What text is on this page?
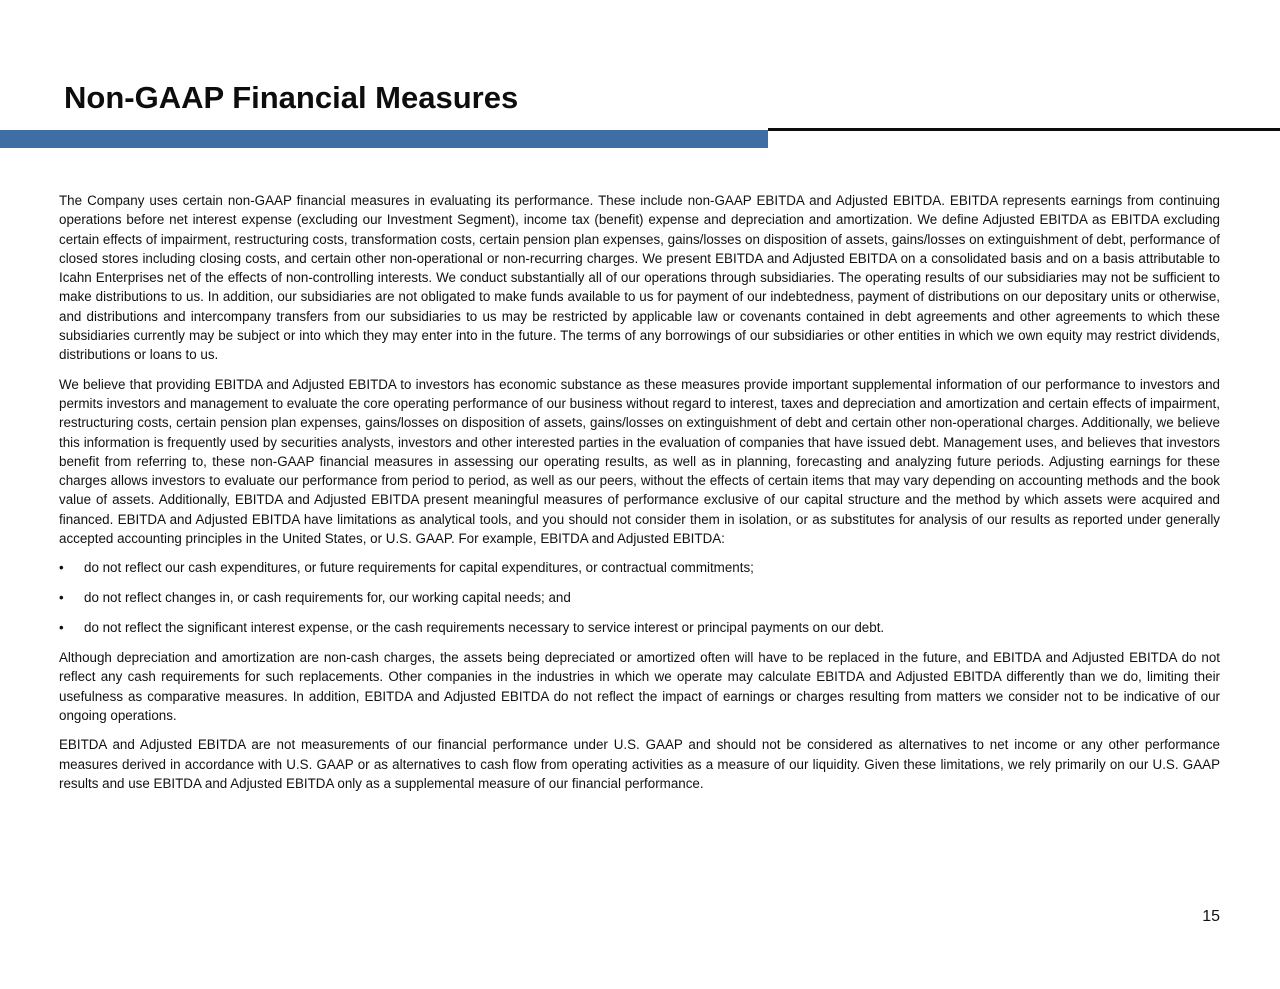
Non-GAAP Financial Measures

The Company uses certain non-GAAP financial measures in evaluating its performance. These include non-GAAP EBITDA and Adjusted EBITDA. EBITDA represents earnings from continuing operations before net interest expense (excluding our Investment Segment), income tax (benefit) expense and depreciation and amortization. We define Adjusted EBITDA as EBITDA excluding certain effects of impairment, restructuring costs, transformation costs, certain pension plan expenses, gains/losses on disposition of assets, gains/losses on extinguishment of debt, performance of closed stores including closing costs, and certain other non-operational or non-recurring charges. We present EBITDA and Adjusted EBITDA on a consolidated basis and on a basis attributable to Icahn Enterprises net of the effects of non-controlling interests. We conduct substantially all of our operations through subsidiaries. The operating results of our subsidiaries may not be sufficient to make distributions to us. In addition, our subsidiaries are not obligated to make funds available to us for payment of our indebtedness, payment of distributions on our depositary units or otherwise, and distributions and intercompany transfers from our subsidiaries to us may be restricted by applicable law or covenants contained in debt agreements and other agreements to which these subsidiaries currently may be subject or into which they may enter into in the future. The terms of any borrowings of our subsidiaries or other entities in which we own equity may restrict dividends, distributions or loans to us.

We believe that providing EBITDA and Adjusted EBITDA to investors has economic substance as these measures provide important supplemental information of our performance to investors and permits investors and management to evaluate the core operating performance of our business without regard to interest, taxes and depreciation and amortization and certain effects of impairment, restructuring costs, certain pension plan expenses, gains/losses on disposition of assets, gains/losses on extinguishment of debt and certain other non-operational charges. Additionally, we believe this information is frequently used by securities analysts, investors and other interested parties in the evaluation of companies that have issued debt. Management uses, and believes that investors benefit from referring to, these non-GAAP financial measures in assessing our operating results, as well as in planning, forecasting and analyzing future periods. Adjusting earnings for these charges allows investors to evaluate our performance from period to period, as well as our peers, without the effects of certain items that may vary depending on accounting methods and the book value of assets. Additionally, EBITDA and Adjusted EBITDA present meaningful measures of performance exclusive of our capital structure and the method by which assets were acquired and financed. EBITDA and Adjusted EBITDA have limitations as analytical tools, and you should not consider them in isolation, or as substitutes for analysis of our results as reported under generally accepted accounting principles in the United States, or U.S. GAAP. For example, EBITDA and Adjusted EBITDA:

• do not reflect our cash expenditures, or future requirements for capital expenditures, or contractual commitments;
• do not reflect changes in, or cash requirements for, our working capital needs; and
• do not reflect the significant interest expense, or the cash requirements necessary to service interest or principal payments on our debt.

Although depreciation and amortization are non-cash charges, the assets being depreciated or amortized often will have to be replaced in the future, and EBITDA and Adjusted EBITDA do not reflect any cash requirements for such replacements. Other companies in the industries in which we operate may calculate EBITDA and Adjusted EBITDA differently than we do, limiting their usefulness as comparative measures. In addition, EBITDA and Adjusted EBITDA do not reflect the impact of earnings or charges resulting from matters we consider not to be indicative of our ongoing operations.

EBITDA and Adjusted EBITDA are not measurements of our financial performance under U.S. GAAP and should not be considered as alternatives to net income or any other performance measures derived in accordance with U.S. GAAP or as alternatives to cash flow from operating activities as a measure of our liquidity. Given these limitations, we rely primarily on our U.S. GAAP results and use EBITDA and Adjusted EBITDA only as a supplemental measure of our financial performance.

15
